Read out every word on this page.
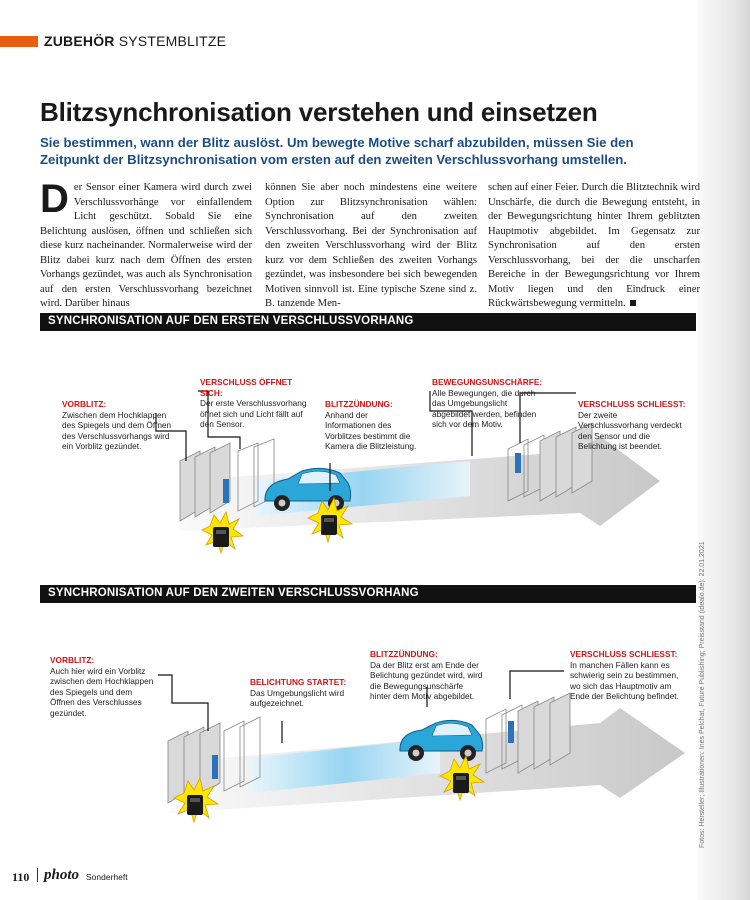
ZUBEHÖR SYSTEMBLITZE
Blitzsynchronisation verstehen und einsetzen

Sie bestimmen, wann der Blitz auslöst. Um bewegte Motive scharf abzubilden, müssen Sie den Zeitpunkt der Blitzsynchronisation vom ersten auf den zweiten Verschlussvorhang umstellen.

Der Sensor einer Kamera wird durch zwei Verschlussvorhänge vor einfallendem Licht geschützt. Sobald Sie eine Belichtung auslösen, öffnen und schließen sich diese kurz nacheinander. Normalerweise wird der Blitz dabei kurz nach dem Öffnen des ersten Vorhangs gezündet, was auch als Synchronisation auf den ersten Verschlussvorhang bezeichnet wird. Darüber hinaus
können Sie aber noch mindestens eine weitere Option zur Blitzsynchronisation wählen: Synchronisation auf den zweiten Verschlussvorhang. Bei der Synchronisation auf den zweiten Verschlussvorhang wird der Blitz kurz vor dem Schließen des zweiten Vorhangs gezündet, was insbesondere bei sich bewegenden Motiven sinnvoll ist. Eine typische Szene sind z. B. tanzende Men-
schen auf einer Feier. Durch die Blitztechnik wird Unschärfe, die durch die Bewegung entsteht, in der Bewegungsrichtung hinter Ihrem geblitzten Hauptmotiv abgebildet. Im Gegensatz zur Synchronisation auf den ersten Verschlussvorhang, bei der die unscharfen Bereiche in der Bewegungsrichtung vor Ihrem Motiv liegen und den Eindruck einer Rückwärtsbewegung vermitteln.
SYNCHRONISATION AUF DEN ERSTEN VERSCHLUSSVORHANG
VORBLITZ:
Zwischen dem Hochklappen des Spiegels und dem Öffnen des Verschlussvorhangs wird ein Vorblitz gezündet.
VERSCHLUSS ÖFFNET SICH:
Der erste Verschlussvorhang öffnet sich und Licht fällt auf den Sensor.
BLITZZÜNDUNG:
Anhand der Informationen des Vorblitzes bestimmt die Kamera die Blitzleistung.
BEWEGUNGSUNSCHÄRFE:
Alle Bewegungen, die durch das Umgebungslicht abgebildet werden, befinden sich vor dem Motiv.
VERSCHLUSS SCHLIESST:
Der zweite Verschlussvorhang verdeckt den Sensor und die Belichtung ist beendet.
SYNCHRONISATION AUF DEN ZWEITEN VERSCHLUSSVORHANG
VORBLITZ:
Auch hier wird ein Vorblitz zwischen dem Hochklappen des Spiegels und dem Öffnen des Verschlusses gezündet.
BELICHTUNG STARTET:
Das Umgebungslicht wird aufgezeichnet.
BLITZZÜNDUNG:
Da der Blitz erst am Ende der Belichtung gezündet wird, wird die Bewegungsunschärfe hinter dem Motiv abgebildet.
VERSCHLUSS SCHLIESST:
In manchen Fällen kann es schwierig sein zu bestimmen, wo sich das Hauptmotiv am Ende der Belichtung befindet.	Fotos: Hersteller; Illustrationen: Ines Pelchat, Future Publishing; Preisstand (idealo.de): 22.01.2021
110 photo Sonderheft
